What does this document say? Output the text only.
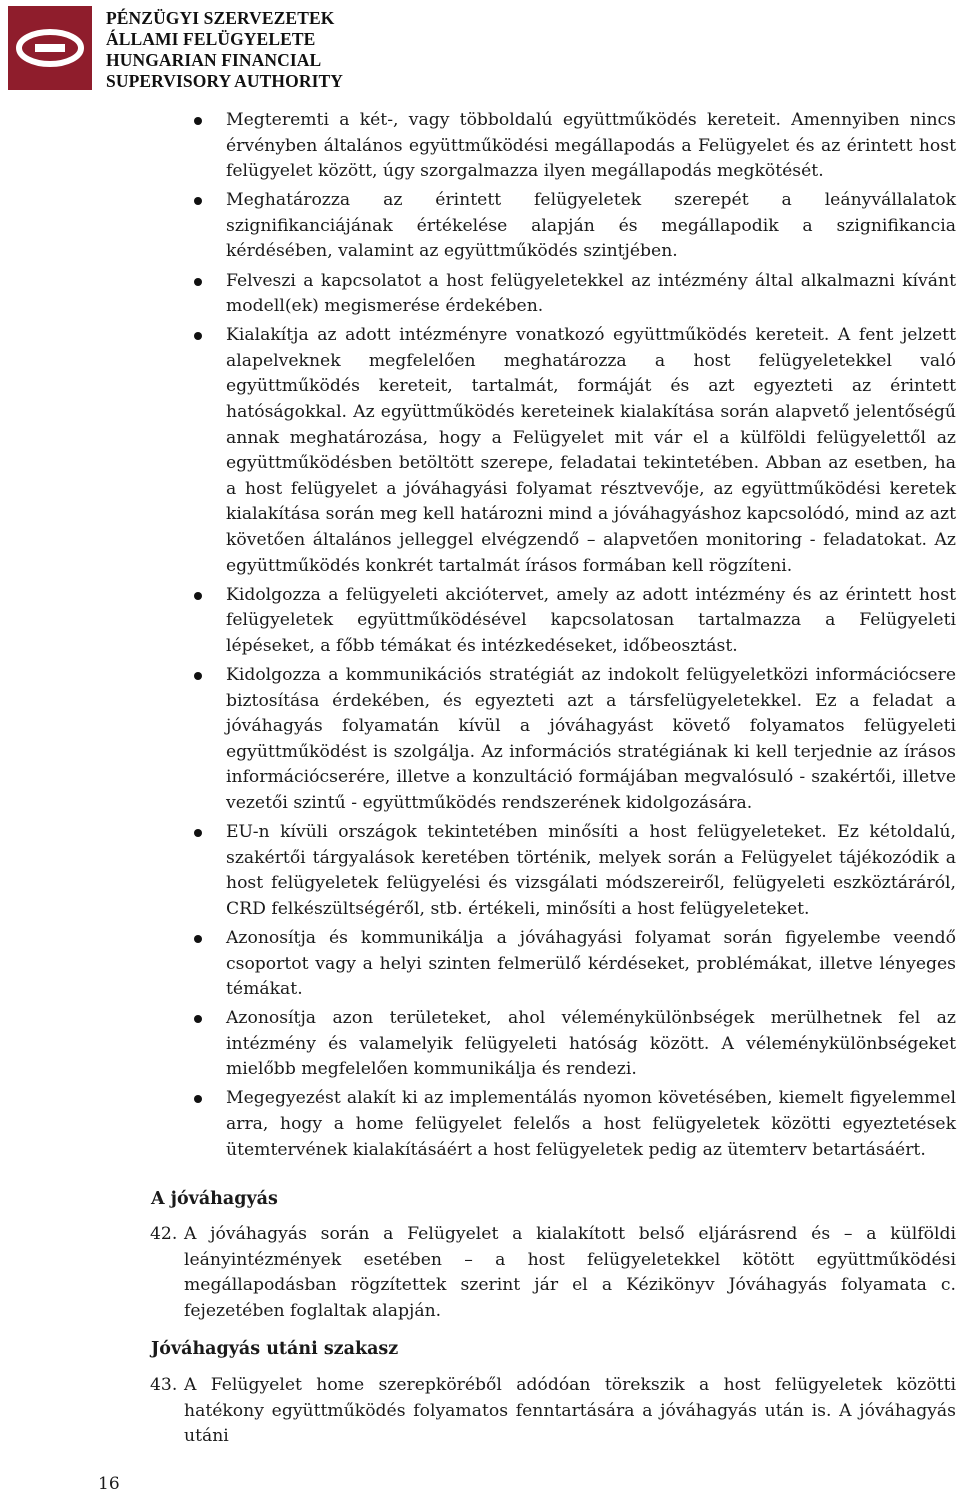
PÉNZÜGYI SZERVEZETEK
ÁLLAMI FELÜGYELETE
HUNGARIAN FINANCIAL
SUPERVISORY AUTHORITY
Megteremti a két-, vagy többoldalú együttműködés kereteit. Amennyiben nincs érvényben általános együttműködési megállapodás a Felügyelet és az érintett host felügyelet között, úgy szorgalmazza ilyen megállapodás megkötését.
Meghatározza az érintett felügyeletek szerepét a leányvállalatok szignifikanciájának értékelése alapján és megállapodik a szignifikancia kérdésében, valamint az együttműködés szintjében.
Felveszi a kapcsolatot a host felügyeletekkel az intézmény által alkalmazni kívánt modell(ek) megismerése érdekében.
Kialakítja az adott intézményre vonatkozó együttműködés kereteit. A fent jelzett alapelveknek megfelelően meghatározza a host felügyeletekkel való együttműködés kereteit, tartalmát, formáját és azt egyezteti az érintett hatóságokkal. Az együttműködés kereteinek kialakítása során alapvető jelentőségű annak meghatározása, hogy a Felügyelet mit vár el a külföldi felügyelettől az együttműködésben betöltött szerepe, feladatai tekintetében. Abban az esetben, ha a host felügyelet a jóváhagyási folyamat résztvevője, az együttműködési keretek kialakítása során meg kell határozni mind a jóváhagyáshoz kapcsolódó, mind az azt követően általános jelleggel elvégzendő – alapvetően monitoring - feladatokat. Az együttműködés konkrét tartalmát írásos formában kell rögzíteni.
Kidolgozza a felügyeleti akciótervet, amely az adott intézmény és az érintett host felügyeletek együttműködésével kapcsolatosan tartalmazza a Felügyeleti lépéseket, a főbb témákat és intézkedéseket, időbeosztást.
Kidolgozza a kommunikációs stratégiát az indokolt felügyeletközi információcsere biztosítása érdekében, és egyezteti azt a társfelügyeletekkel. Ez a feladat a jóváhagyás folyamatán kívül a jóváhagyást követő folyamatos felügyeleti együttműködést is szolgálja. Az információs stratégiának ki kell terjednie az írásos információcserére, illetve a konzultáció formájában megvalósuló - szakértői, illetve vezetői szintű - együttműködés rendszerének kidolgozására.
EU-n kívüli országok tekintetében minősíti a host felügyeleteket. Ez kétoldalú, szakértői tárgyalások keretében történik, melyek során a Felügyelet tájékozódik a host felügyeletek felügyelési és vizsgálati módszereiről, felügyeleti eszköztáráról, CRD felkészültségéről, stb. értékeli, minősíti a host felügyeleteket.
Azonosítja és kommunikálja a jóváhagyási folyamat során figyelembe veendő csoportot vagy a helyi szinten felmerülő kérdéseket, problémákat, illetve lényeges témákat.
Azonosítja azon területeket, ahol véleménykülönbségek merülhetnek fel az intézmény és valamelyik felügyeleti hatóság között. A véleménykülönbségeket mielőbb megfelelően kommunikálja és rendezi.
Megegyezést alakít ki az implementálás nyomon követésében, kiemelt figyelemmel arra, hogy a home felügyelet felelős a host felügyeletek közötti egyeztetések ütemtervének kialakításáért a host felügyeletek pedig az ütemterv betartásáért.
A jóváhagyás
42. A jóváhagyás során a Felügyelet a kialakított belső eljárásrend és – a külföldi leányintézmények esetében – a host felügyeletekkel kötött együttműködési megállapodásban rögzítettek szerint jár el a Kézikönyv Jóváhagyás folyamata c. fejezetében foglaltak alapján.
Jóváhagyás utáni szakasz
43. A Felügyelet home szerepköréből adódóan törekszik a host felügyeletek közötti hatékony együttműködés folyamatos fenntartására a jóváhagyás után is. A jóváhagyás utáni
16
